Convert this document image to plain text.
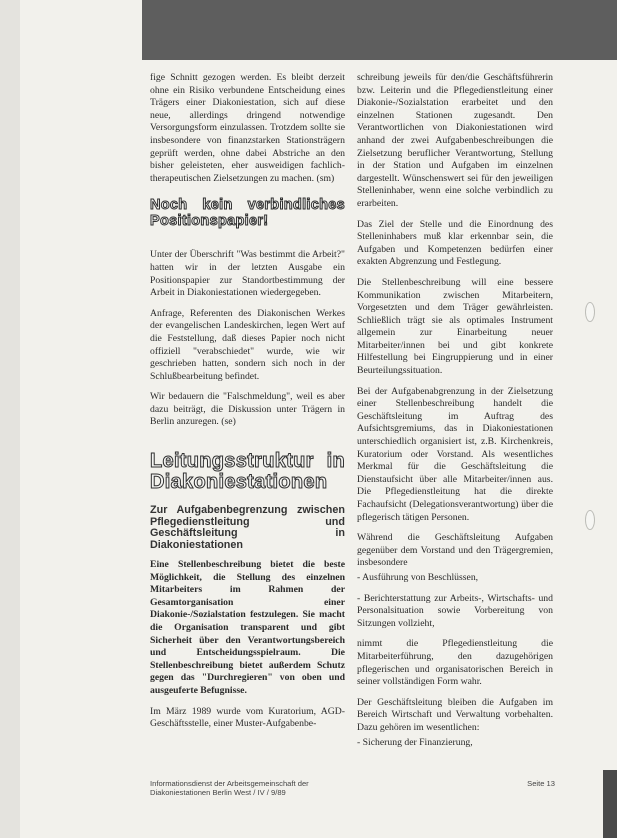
fige Schnitt gezogen werden. Es bleibt derzeit ohne ein Risiko verbundene Entscheidung eines Trägers einer Diakoniestation, sich auf diese neue, allerdings dringend notwendige Versorgungsform einzulassen. Trotzdem sollte sie insbesondere von finanzstarken Stationsträgern geprüft werden, ohne dabei Abstriche an den bisher geleisteten, eher ausweidigen fachlich-therapeutischen Zielsetzungen zu machen. (sm)

Noch kein verbindliches Positionspapier!

Unter der Überschrift "Was bestimmt die Arbeit?" hatten wir in der letzten Ausgabe ein Positionspapier zur Standortbestimmung der Arbeit in Diakoniestationen wiedergegeben.

Anfrage, Referenten des Diakonischen Werkes der evangelischen Landeskirchen, legen Wert auf die Feststellung, daß dieses Papier noch nicht offiziell "verabschiedet" wurde, wie wir geschrieben hatten, sondern sich noch in der Schlußbearbeitung befindet.

Wir bedauern die "Falschmeldung", weil es aber dazu beiträgt, die Diskussion unter Trägern in Berlin anzuregen. (se)

Leitungsstruktur in Diakoniestationen
Zur Aufgabenbegrenzung zwischen Pflegedienstleitung und Geschäftsleitung in Diakoniestationen

Eine Stellenbeschreibung bietet die beste Möglichkeit, die Stellung des einzelnen Mitarbeiters im Rahmen der Gesamtorganisation einer Diakonie-/Sozialstation festzulegen. Sie macht die Organisation transparent und gibt Sicherheit über den Verantwortungsbereich und Entscheidungsspielraum. Die Stellenbeschreibung bietet außerdem Schutz gegen das "Durchregieren" von oben und ausgeuferte Befugnisse.

Im März 1989 wurde vom Kuratorium, AGD-Geschäftsstelle, einer Muster-Aufgabenbe-

schreibung jeweils für den/die Geschäftsführerin bzw. Leiterin und die Pflegedienstleitung einer Diakonie-/Sozialstation erarbeitet und den einzelnen Stationen zugesandt. Den Verantwortlichen von Diakoniestationen wird anhand der zwei Aufgabenbeschreibungen die Zielsetzung beruflicher Verantwortung, Stellung in der Station und Aufgaben im einzelnen dargestellt. Wünschenswert sei für den jeweiligen Stelleninhaber, wenn eine solche verbindlich zu erarbeiten.

Das Ziel der Stelle und die Einordnung des Stelleninhabers muß klar erkennbar sein, die Aufgaben und Kompetenzen bedürfen einer exakten Abgrenzung und Festlegung.

Die Stellenbeschreibung will eine bessere Kommunikation zwischen Mitarbeitern, Vorgesetzten und dem Träger gewährleisten. Schließlich trägt sie als optimales Instrument allgemein zur Einarbeitung neuer Mitarbeiter/innen bei und gibt konkrete Hilfestellung bei Eingruppierung und in einer Beurteilungssituation.

Bei der Aufgabenabgrenzung in der Zielsetzung einer Stellenbeschreibung handelt die Geschäftsleitung im Auftrag des Aufsichtsgremiums, das in Diakoniestationen unterschiedlich organisiert ist, z.B. Kirchenkreis, Kuratorium oder Vorstand. Als wesentliches Merkmal für die Geschäftsleitung die Dienstaufsicht über alle Mitarbeiter/innen aus. Die Pflegedienstleitung hat die direkte Fachaufsicht (Delegationsverantwortung) über die pflegerisch tätigen Personen.

Während die Geschäftsleitung Aufgaben gegenüber dem Vorstand und den Trägergremien, insbesondere

- Ausführung von Beschlüssen,

- Berichterstattung zur Arbeits-, Wirtschafts- und Personalsituation sowie Vorbereitung von Sitzungen vollzieht,

nimmt die Pflegedienstleitung die Mitarbeiterführung, den dazugehörigen pflegerischen und organisatorischen Bereich in seiner vollständigen Form wahr.

Der Geschäftsleitung bleiben die Aufgaben im Bereich Wirtschaft und Verwaltung vorbehalten. Dazu gehören im wesentlichen:

- Sicherung der Finanzierung,

Informationsdienst der Arbeitsgemeinschaft der
Diakoniestationen Berlin West / IV / 9/89
Seite 13
